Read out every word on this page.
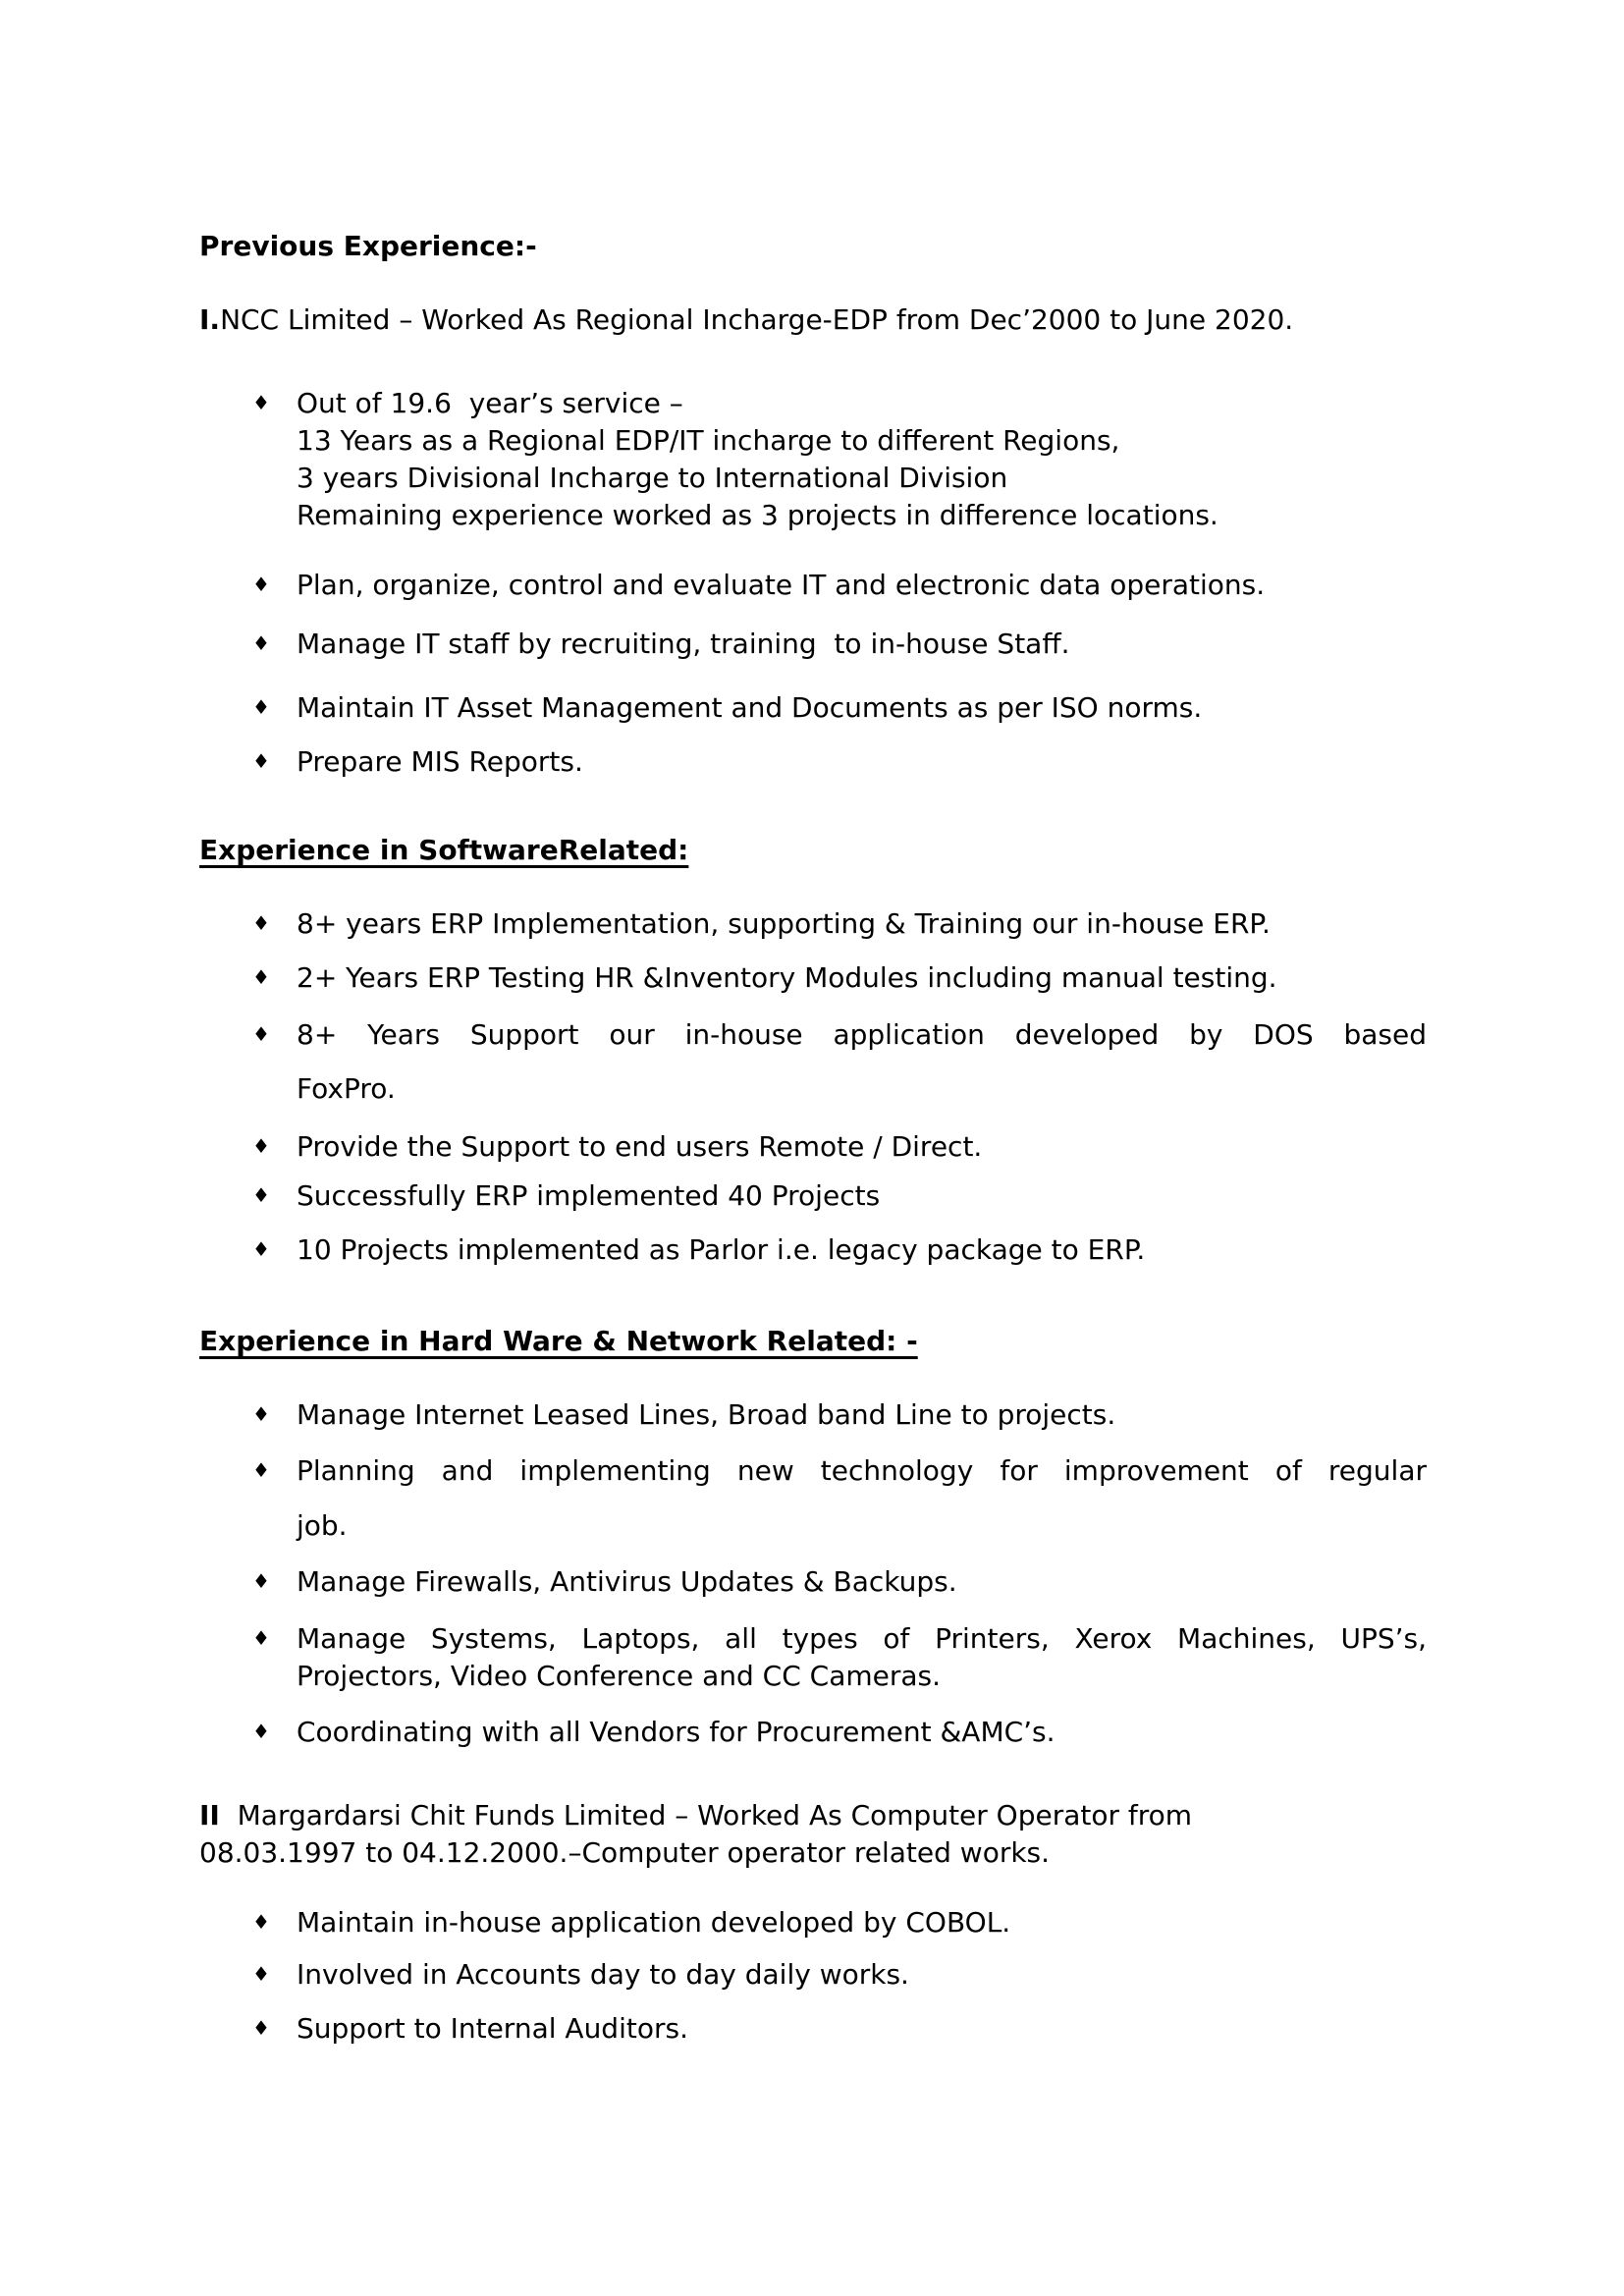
Previous Experience:-
I.NCC Limited – Worked As Regional Incharge-EDP from Dec’2000 to June 2020.
♦ Out of 19.6  year’s service –
13 Years as a Regional EDP/IT incharge to different Regions,
3 years Divisional Incharge to International Division
Remaining experience worked as 3 projects in difference locations.
♦ Plan, organize, control and evaluate IT and electronic data operations.
♦ Manage IT staff by recruiting, training  to in-house Staff.
♦ Maintain IT Asset Management and Documents as per ISO norms.
♦ Prepare MIS Reports.
Experience in SoftwareRelated:
♦ 8+ years ERP Implementation, supporting & Training our in-house ERP.
♦ 2+ Years ERP Testing HR &Inventory Modules including manual testing.
♦ 8+ Years Support our in-house application developed by DOS based
FoxPro.
♦ Provide the Support to end users Remote / Direct.
♦ Successfully ERP implemented 40 Projects
♦ 10 Projects implemented as Parlor i.e. legacy package to ERP.
Experience in Hard Ware & Network Related: -
♦ Manage Internet Leased Lines, Broad band Line to projects.
♦ Planning and implementing new technology for improvement of regular
job.
♦ Manage Firewalls, Antivirus Updates & Backups.
♦ Manage Systems, Laptops, all types of Printers, Xerox Machines, UPS’s,
Projectors, Video Conference and CC Cameras.
♦ Coordinating with all Vendors for Procurement &AMC’s.
II  Margardarsi Chit Funds Limited – Worked As Computer Operator from
08.03.1997 to 04.12.2000.–Computer operator related works.
♦ Maintain in-house application developed by COBOL.
♦ Involved in Accounts day to day daily works.
♦ Support to Internal Auditors.
